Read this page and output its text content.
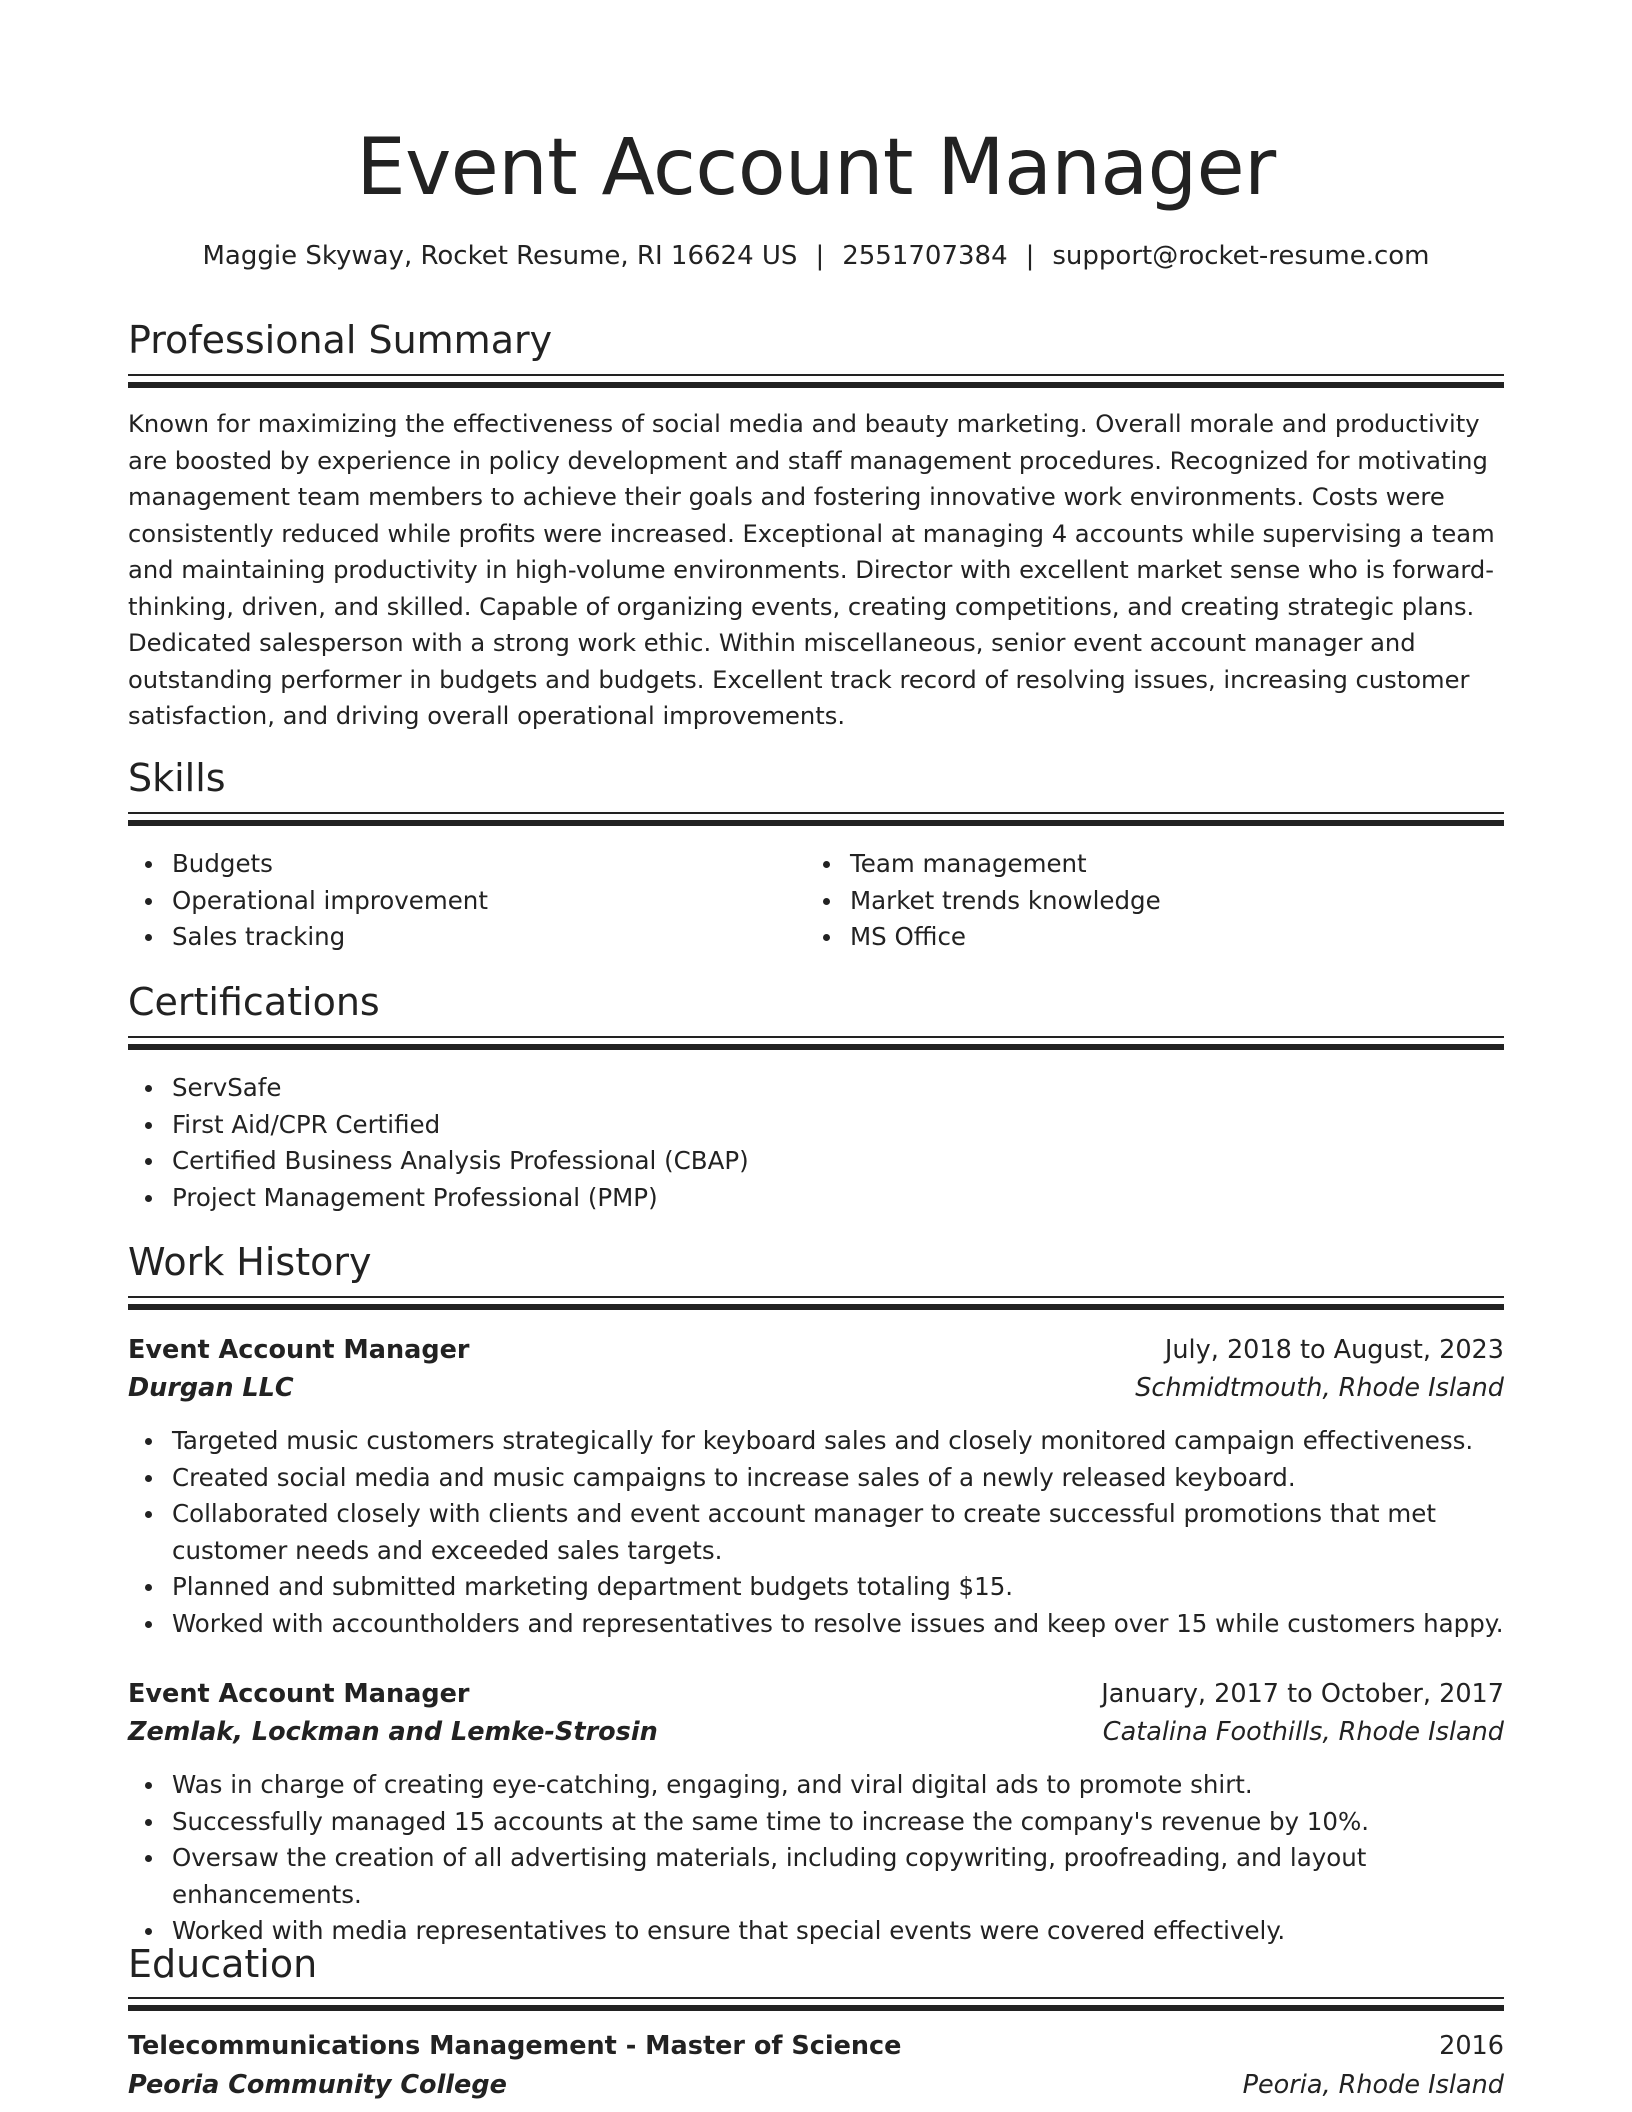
Event Account Manager
Maggie Skyway, Rocket Resume, RI 16624 US | 2551707384 | support@rocket-resume.com
Professional Summary
Known for maximizing the effectiveness of social media and beauty marketing. Overall morale and productivity are boosted by experience in policy development and staff management procedures. Recognized for motivating management team members to achieve their goals and fostering innovative work environments. Costs were consistently reduced while profits were increased. Exceptional at managing 4 accounts while supervising a team and maintaining productivity in high-volume environments. Director with excellent market sense who is forward-thinking, driven, and skilled. Capable of organizing events, creating competitions, and creating strategic plans. Dedicated salesperson with a strong work ethic. Within miscellaneous, senior event account manager and outstanding performer in budgets and budgets. Excellent track record of resolving issues, increasing customer satisfaction, and driving overall operational improvements.
Skills
Budgets
Operational improvement
Sales tracking
Team management
Market trends knowledge
MS Office
Certifications
ServSafe
First Aid/CPR Certified
Certified Business Analysis Professional (CBAP)
Project Management Professional (PMP)
Work History
Event Account Manager	July, 2018 to August, 2023
Durgan LLC	Schmidtmouth, Rhode Island
Targeted music customers strategically for keyboard sales and closely monitored campaign effectiveness.
Created social media and music campaigns to increase sales of a newly released keyboard.
Collaborated closely with clients and event account manager to create successful promotions that met customer needs and exceeded sales targets.
Planned and submitted marketing department budgets totaling $15.
Worked with accountholders and representatives to resolve issues and keep over 15 while customers happy.
Event Account Manager	January, 2017 to October, 2017
Zemlak, Lockman and Lemke-Strosin	Catalina Foothills, Rhode Island
Was in charge of creating eye-catching, engaging, and viral digital ads to promote shirt.
Successfully managed 15 accounts at the same time to increase the company's revenue by 10%.
Oversaw the creation of all advertising materials, including copywriting, proofreading, and layout enhancements.
Worked with media representatives to ensure that special events were covered effectively.
Education
Telecommunications Management - Master of Science	2016
Peoria Community College	Peoria, Rhode Island
